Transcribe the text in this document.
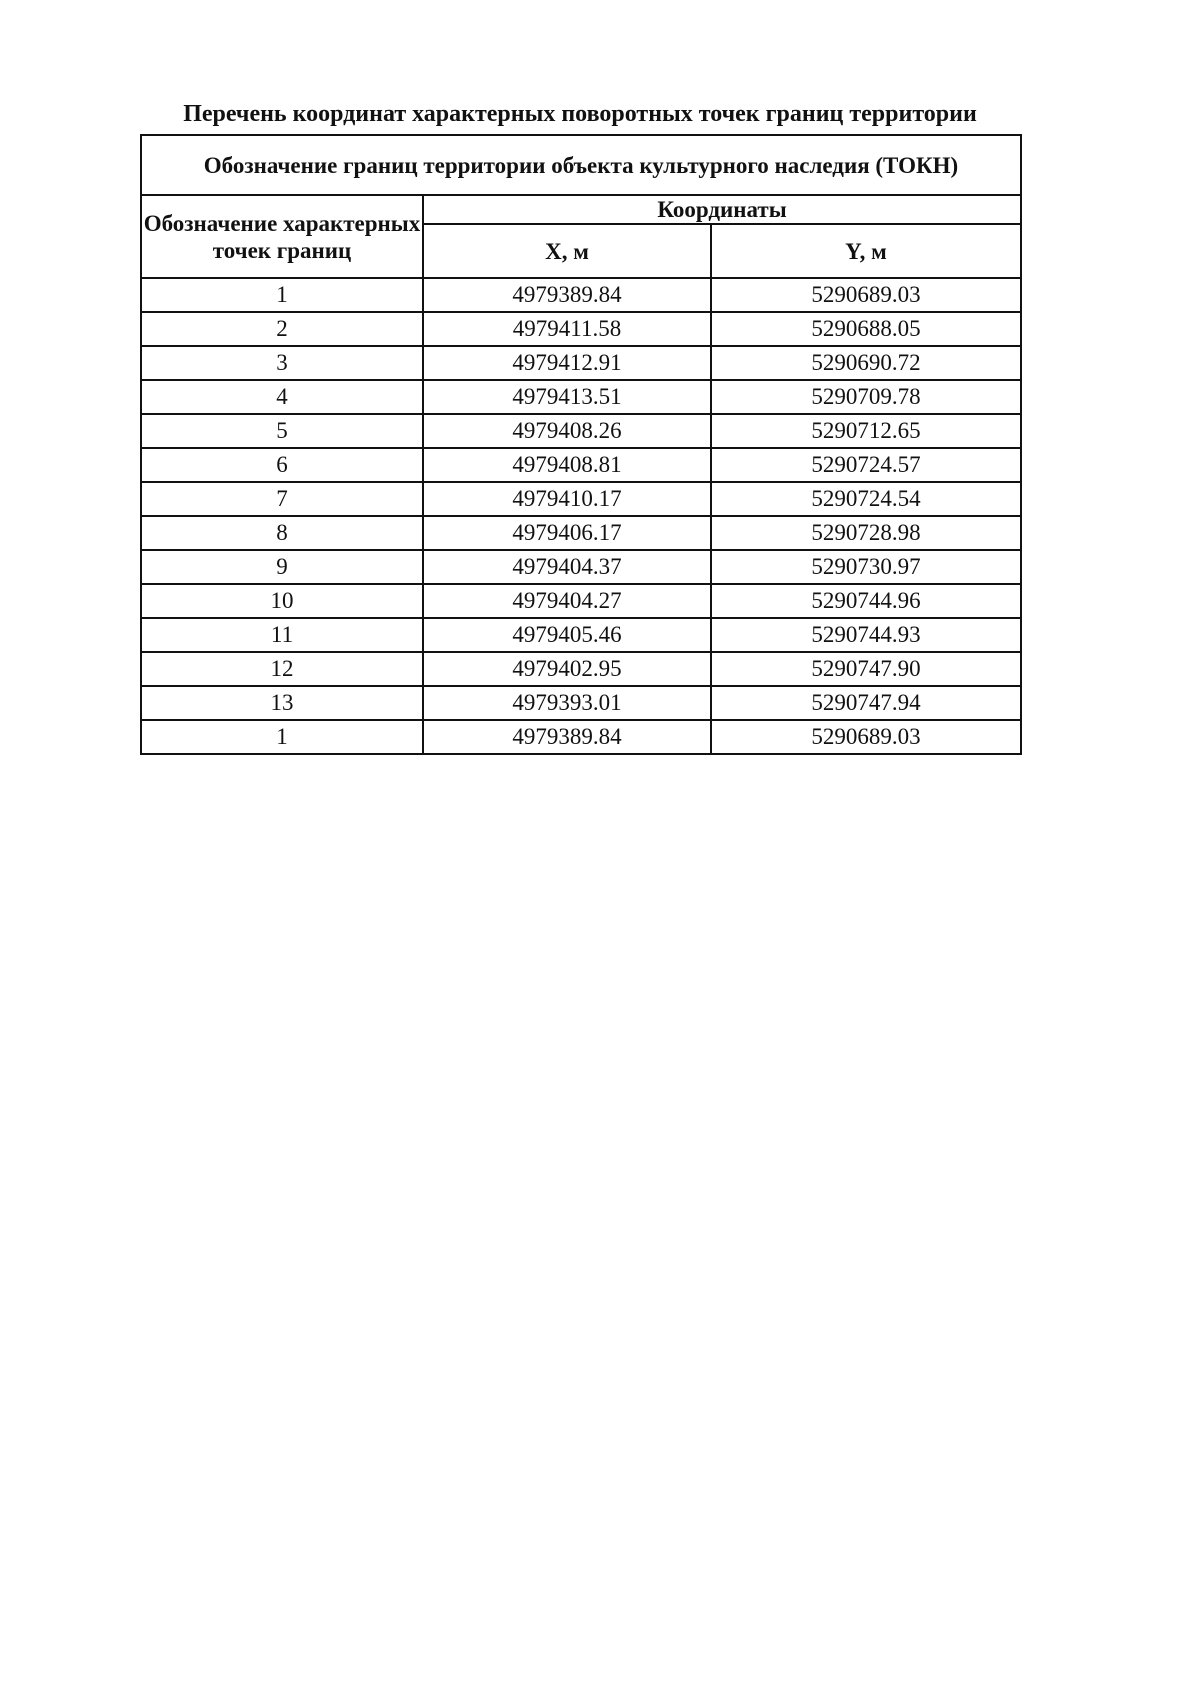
Перечень координат характерных поворотных точек границ территории
Обозначение границ территории объекта культурного наследия (ТОКН)		
Обозначение характерных точек границ	Координаты	
	X, м	Y, м
1	4979389.84	5290689.03
2	4979411.58	5290688.05
3	4979412.91	5290690.72
4	4979413.51	5290709.78
5	4979408.26	5290712.65
6	4979408.81	5290724.57
7	4979410.17	5290724.54
8	4979406.17	5290728.98
9	4979404.37	5290730.97
10	4979404.27	5290744.96
11	4979405.46	5290744.93
12	4979402.95	5290747.90
13	4979393.01	5290747.94
1	4979389.84	5290689.03
